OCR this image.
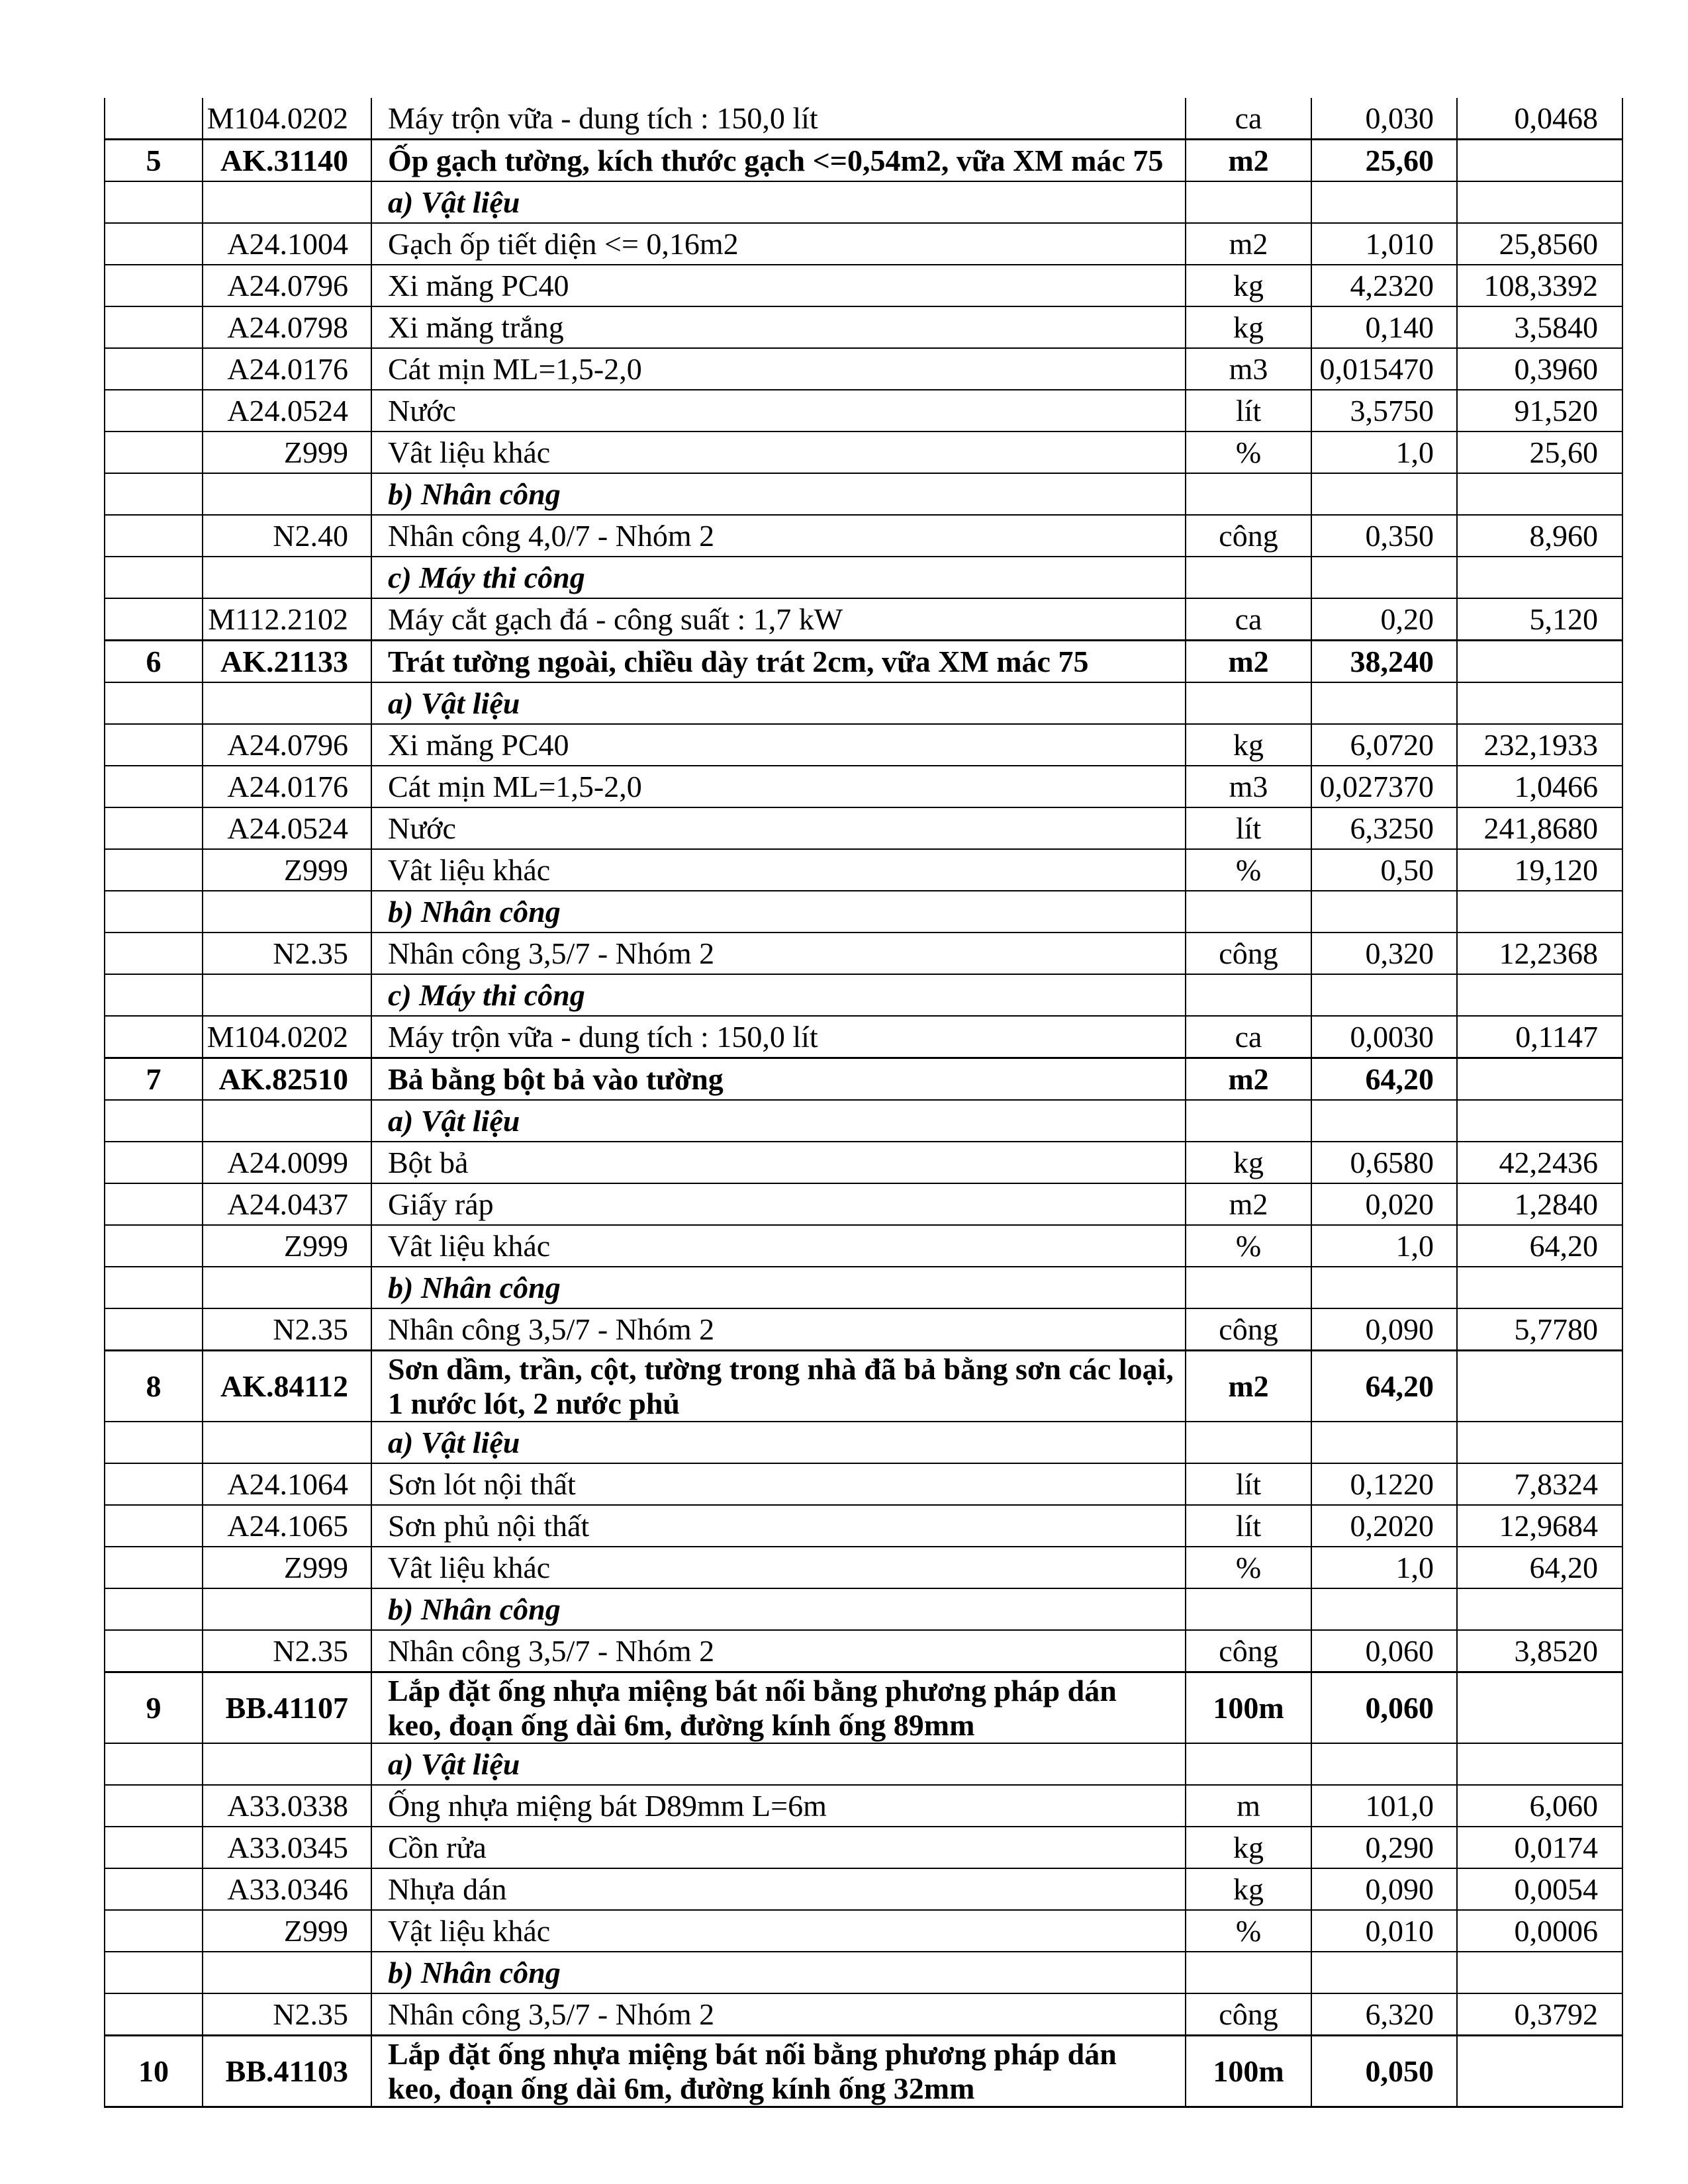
	M104.0202	Máy trộn vữa - dung tích : 150,0 lít	ca	0,030	0,0468
5	AK.31140	Ốp gạch tường, kích thước gạch <=0,54m2, vữa XM mác 75	m2	25,60	
		a) Vật liệu			
	A24.1004	Gạch ốp tiết diện <= 0,16m2	m2	1,010	25,8560
	A24.0796	Xi măng PC40	kg	4,2320	108,3392
	A24.0798	Xi măng trắng	kg	0,140	3,5840
	A24.0176	Cát mịn ML=1,5-2,0	m3	0,015470	0,3960
	A24.0524	Nước	lít	3,5750	91,520
	Z999	Vât liệu khác	%	1,0	25,60
		b) Nhân công			
	N2.40	Nhân công 4,0/7 - Nhóm 2	công	0,350	8,960
		c) Máy thi công			
	M112.2102	Máy cắt gạch đá - công suất : 1,7 kW	ca	0,20	5,120
6	AK.21133	Trát tường ngoài, chiều dày trát 2cm, vữa XM mác 75	m2	38,240	
		a) Vật liệu			
	A24.0796	Xi măng PC40	kg	6,0720	232,1933
	A24.0176	Cát mịn ML=1,5-2,0	m3	0,027370	1,0466
	A24.0524	Nước	lít	6,3250	241,8680
	Z999	Vât liệu khác	%	0,50	19,120
		b) Nhân công			
	N2.35	Nhân công 3,5/7 - Nhóm 2	công	0,320	12,2368
		c) Máy thi công			
	M104.0202	Máy trộn vữa - dung tích : 150,0 lít	ca	0,0030	0,1147
7	AK.82510	Bả bằng bột bả vào tường	m2	64,20	
		a) Vật liệu			
	A24.0099	Bột bả	kg	0,6580	42,2436
	A24.0437	Giấy ráp	m2	0,020	1,2840
	Z999	Vât liệu khác	%	1,0	64,20
		b) Nhân công			
	N2.35	Nhân công 3,5/7 - Nhóm 2	công	0,090	5,7780
8	AK.84112	Sơn dầm, trần, cột, tường trong nhà đã bả bằng sơn các loại, 1 nước lót, 2 nước phủ	m2	64,20	
		a) Vật liệu			
	A24.1064	Sơn lót nội thất	lít	0,1220	7,8324
	A24.1065	Sơn phủ nội thất	lít	0,2020	12,9684
	Z999	Vât liệu khác	%	1,0	64,20
		b) Nhân công			
	N2.35	Nhân công 3,5/7 - Nhóm 2	công	0,060	3,8520
9	BB.41107	Lắp đặt ống nhựa miệng bát nối bằng phương pháp dán keo, đoạn ống dài 6m, đường kính ống 89mm	100m	0,060	
		a) Vật liệu			
	A33.0338	Ống nhựa miệng bát D89mm L=6m	m	101,0	6,060
	A33.0345	Cồn rửa	kg	0,290	0,0174
	A33.0346	Nhựa dán	kg	0,090	0,0054
	Z999	Vật liệu khác	%	0,010	0,0006
		b) Nhân công			
	N2.35	Nhân công 3,5/7 - Nhóm 2	công	6,320	0,3792
10	BB.41103	Lắp đặt ống nhựa miệng bát nối bằng phương pháp dán keo, đoạn ống dài 6m, đường kính ống 32mm	100m	0,050	
